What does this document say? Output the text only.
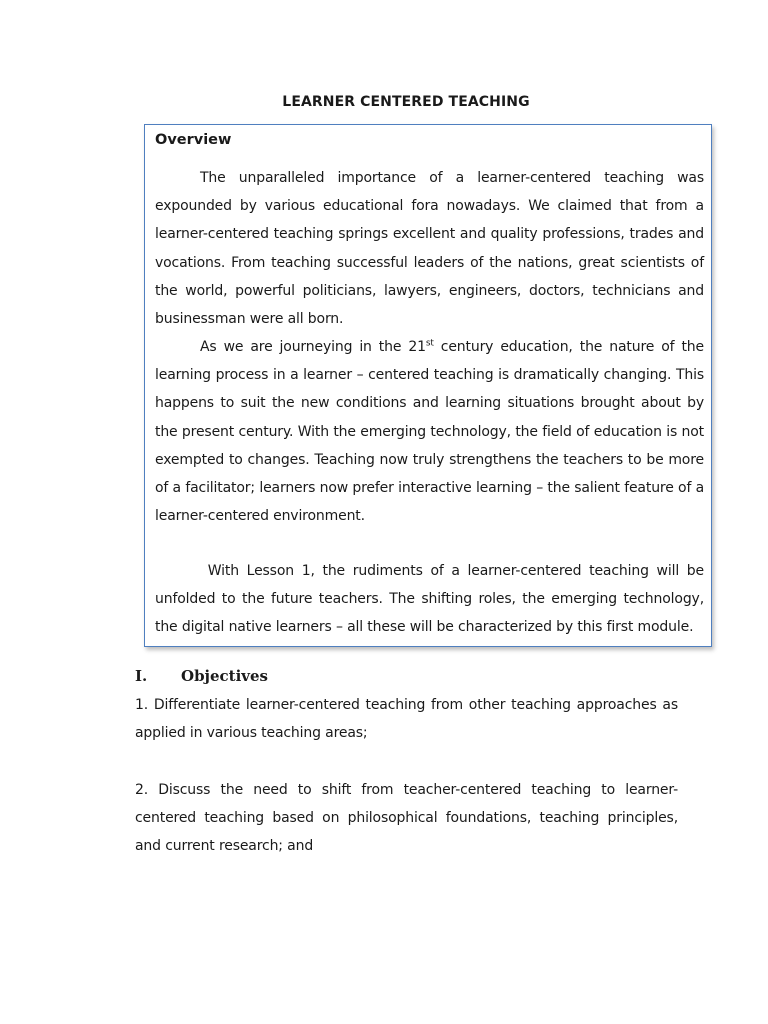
LEARNER CENTERED TEACHING
Overview
The unparalleled importance of a learner-centered teaching was expounded by various educational fora nowadays. We claimed that from a learner-centered teaching springs excellent and quality professions, trades and vocations. From teaching successful leaders of the nations, great scientists of the world, powerful politicians, lawyers, engineers, doctors, technicians and businessman were all born.
As we are journeying in the 21st century education, the nature of the learning process in a learner – centered teaching is dramatically changing. This happens to suit the new conditions and learning situations brought about by the present century. With the emerging technology, the field of education is not exempted to changes. Teaching now truly strengthens the teachers to be more of a facilitator; learners now prefer interactive learning – the salient feature of a learner-centered environment.
With Lesson 1, the rudiments of a learner-centered teaching will be unfolded to the future teachers. The shifting roles, the emerging technology, the digital native learners – all these will be characterized by this first module.
I. Objectives
1. Differentiate learner-centered teaching from other teaching approaches as applied in various teaching areas;
2. Discuss the need to shift from teacher-centered teaching to learner-centered teaching based on philosophical foundations, teaching principles, and current research; and
